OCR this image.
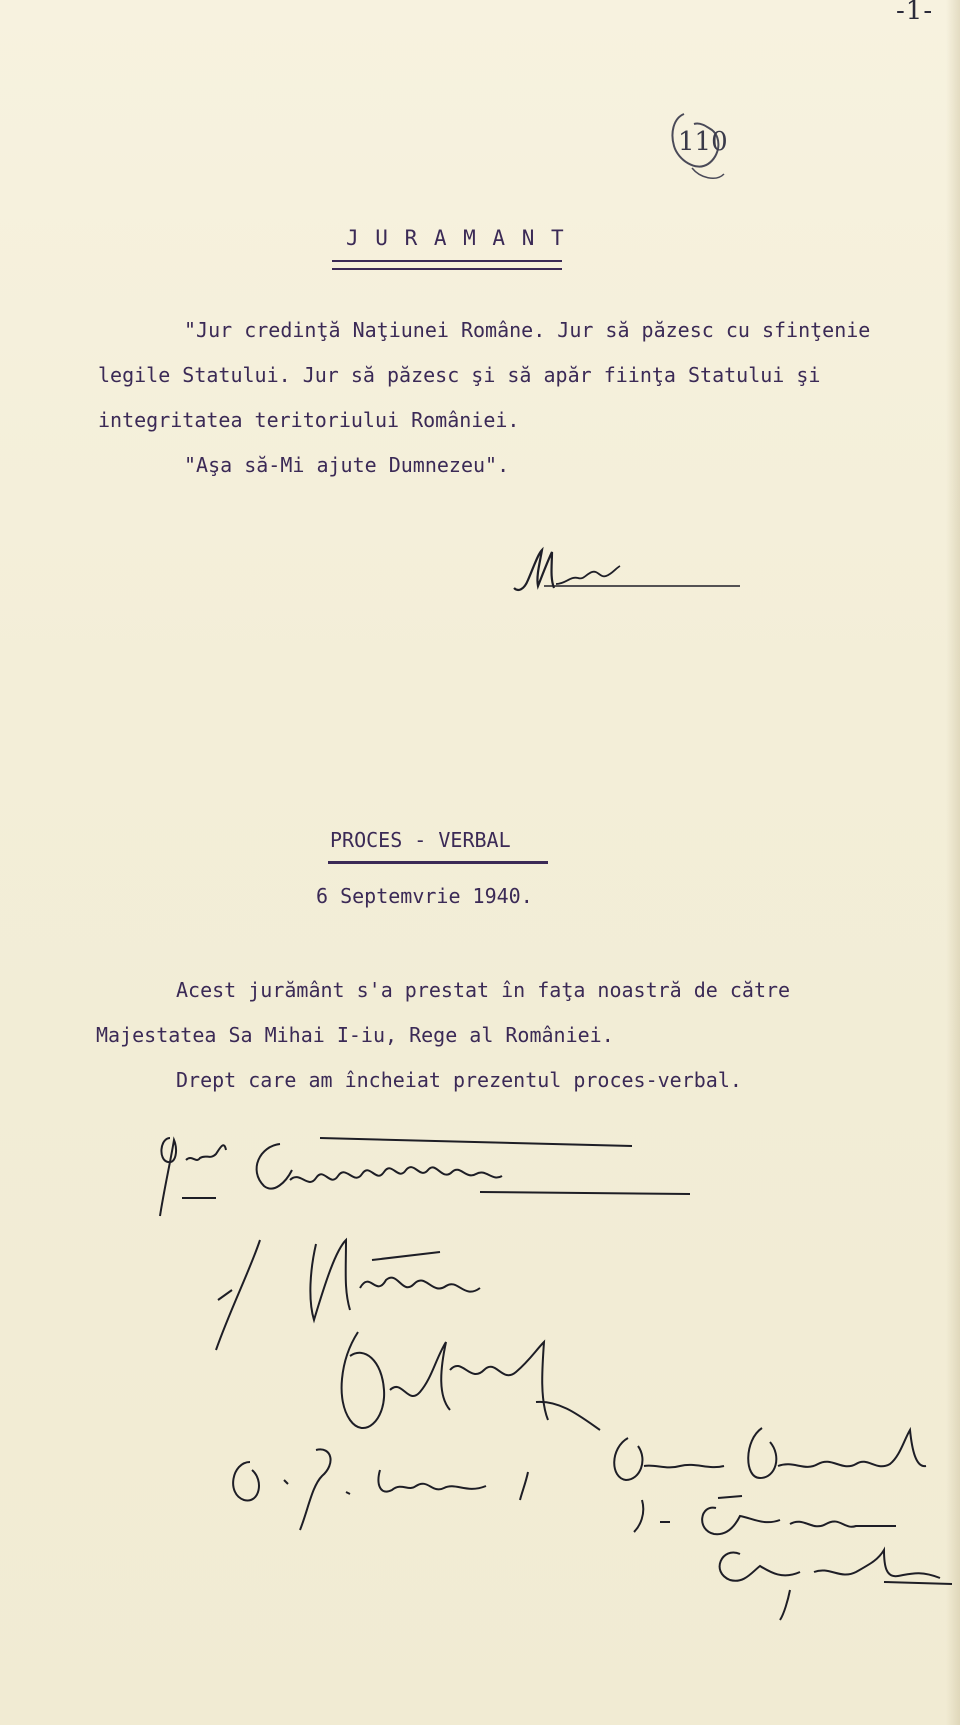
-1-
110
J U R A M A N T
"Jur credinţă Naţiunei Române. Jur să păzesc cu sfinţenie
legile Statului. Jur să păzesc şi să apăr fiinţa Statului şi
integritatea teritoriului României.
"Aşa să-Mi ajute Dumnezeu".
PROCES - VERBAL
6 Septemvrie 1940.
Acest jurământ s'a prestat în faţa noastră de către
Majestatea Sa Mihai I-iu, Rege al României.
Drept care am încheiat prezentul proces-verbal.
